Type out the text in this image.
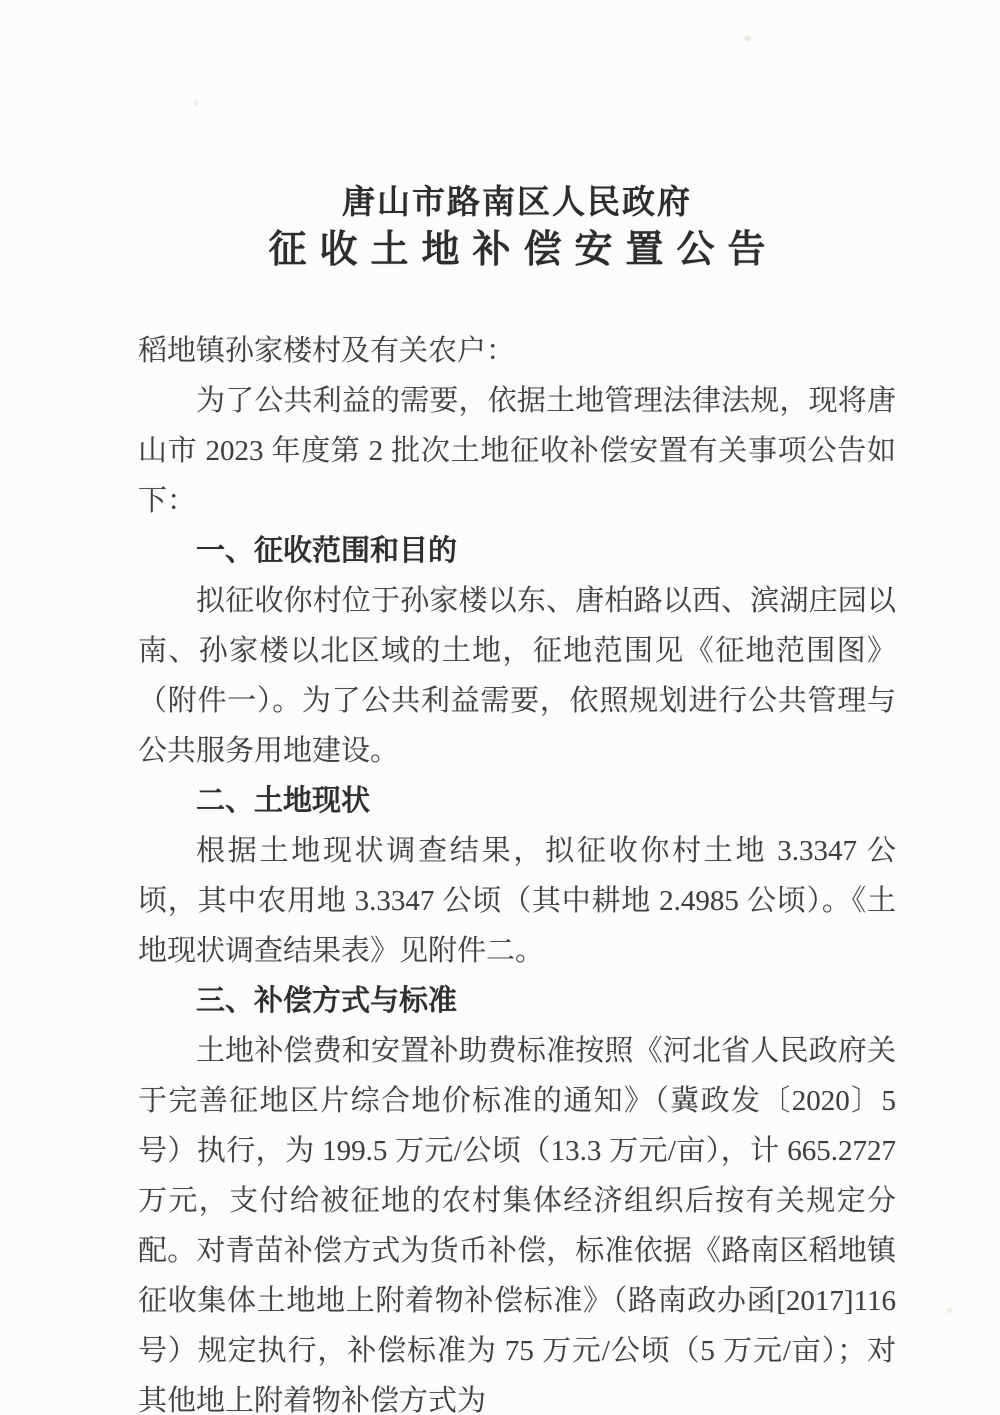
唐山市路南区人民政府
征收土地补偿安置公告

稻地镇孙家楼村及有关农户：

为了公共利益的需要，依据土地管理法律法规，现将唐山市 2023 年度第 2 批次土地征收补偿安置有关事项公告如下：

一、征收范围和目的

拟征收你村位于孙家楼以东、唐柏路以西、滨湖庄园以南、孙家楼以北区域的土地，征地范围见《征地范围图》（附件一）。为了公共利益需要，依照规划进行公共管理与公共服务用地建设。

二、土地现状

根据土地现状调查结果，拟征收你村土地 3.3347 公顷，其中农用地 3.3347 公顷（其中耕地 2.4985 公顷）。《土地现状调查结果表》见附件二。

三、补偿方式与标准

土地补偿费和安置补助费标准按照《河北省人民政府关于完善征地区片综合地价标准的通知》（冀政发〔2020〕5 号）执行，为 199.5 万元/公顷（13.3 万元/亩），计 665.2727 万元，支付给被征地的农村集体经济组织后按有关规定分配。对青苗补偿方式为货币补偿，标准依据《路南区稻地镇征收集体土地地上附着物补偿标准》（路南政办函[2017]116 号）规定执行，补偿标准为 75 万元/公顷（5 万元/亩）；对其他地上附着物补偿方式为
